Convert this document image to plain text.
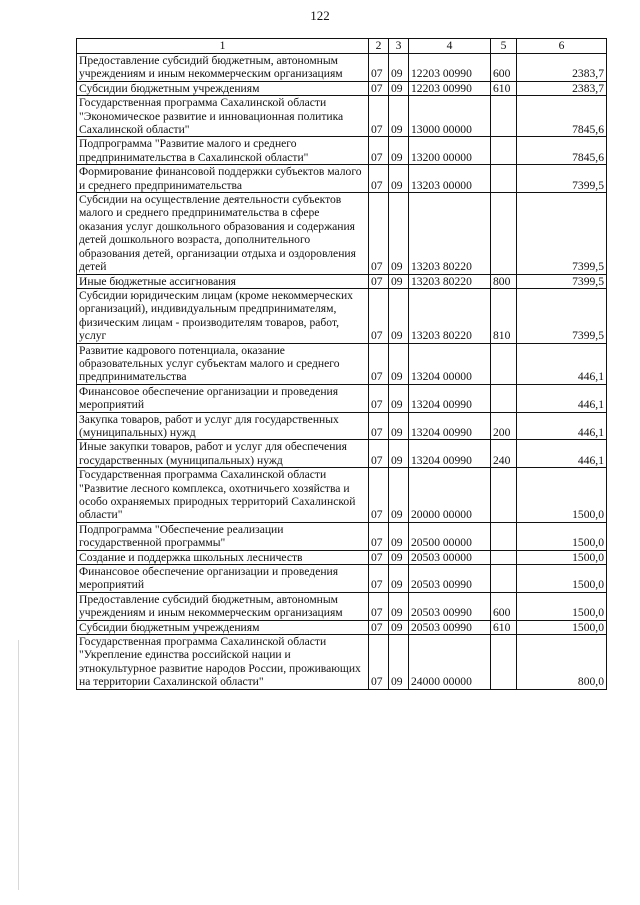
122
1	2	3	4	5	6
Предоставление субсидий бюджетным, автономным учреждениям и иным некоммерческим организациям	07	09	12203 00990	600	2383,7
Субсидии бюджетным учреждениям	07	09	12203 00990	610	2383,7
Государственная программа Сахалинской области "Экономическое развитие и инновационная политика Сахалинской области"	07	09	13000 00000		7845,6
Подпрограмма "Развитие малого и среднего предпринимательства в Сахалинской области"	07	09	13200 00000		7845,6
Формирование финансовой поддержки субъектов малого и среднего предпринимательства	07	09	13203 00000		7399,5
Субсидии на осуществление деятельности субъектов малого и среднего предпринимательства в сфере оказания услуг дошкольного образования и содержания детей дошкольного возраста, дополнительного образования детей, организации отдыха и оздоровления детей	07	09	13203 80220		7399,5
Иные бюджетные ассигнования	07	09	13203 80220	800	7399,5
Субсидии юридическим лицам (кроме некоммерческих организаций), индивидуальным предпринимателям, физическим лицам - производителям товаров, работ, услуг	07	09	13203 80220	810	7399,5
Развитие кадрового потенциала, оказание образовательных услуг субъектам малого и среднего предпринимательства	07	09	13204 00000		446,1
Финансовое обеспечение организации и проведения мероприятий	07	09	13204 00990		446,1
Закупка товаров, работ и услуг для государственных (муниципальных) нужд	07	09	13204 00990	200	446,1
Иные закупки товаров, работ и услуг для обеспечения государственных (муниципальных) нужд	07	09	13204 00990	240	446,1
Государственная программа Сахалинской области "Развитие лесного комплекса, охотничьего хозяйства и особо охраняемых природных территорий Сахалинской области"	07	09	20000 00000		1500,0
Подпрограмма "Обеспечение реализации государственной программы"	07	09	20500 00000		1500,0
Создание и поддержка школьных лесничеств	07	09	20503 00000		1500,0
Финансовое обеспечение организации и проведения мероприятий	07	09	20503 00990		1500,0
Предоставление субсидий бюджетным, автономным учреждениям и иным некоммерческим организациям	07	09	20503 00990	600	1500,0
Субсидии бюджетным учреждениям	07	09	20503 00990	610	1500,0
Государственная программа Сахалинской области "Укрепление единства российской нации и этнокультурное развитие народов России, проживающих на территории Сахалинской области"	07	09	24000 00000		800,0
